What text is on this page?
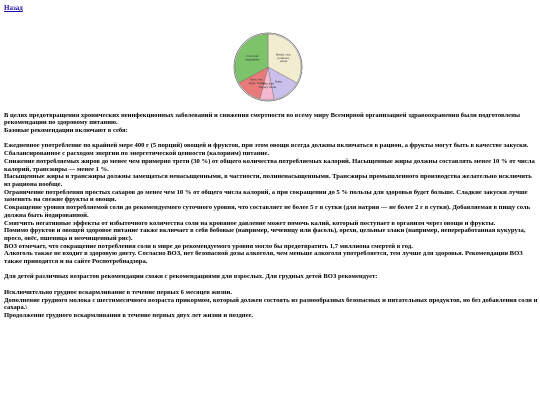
Назад
Fruit and vegetables
Bread, rice, potatoes, pasta
Dairy
Fatty and Sugary foods
Meat, fish, eggs, beans

В целях предотвращения хронических неинфекционных заболеваний и снижения смертности во всему миру Всемирной организацией здравоохранения были подготовлены рекомендации по здоровому питанию.

Базовые рекомендации включают в себя:

Ежедневное употребление по крайней мере 400 г (5 порций) овощей и фруктов, при этом овощи всегда должны включаться в рацион, а фрукты могут быть в качестве закуски. Сбалансированное с расходом энергии по энергетической ценности (калориям) питание.

Снижение потребляемых жиров до менее чем примерно трети (30 %) от общего количества потребляемых калорий. Насыщенные жиры должны составлять менее 10 % от числа калорий, трансжиры — менее 1 %.

Насыщенные жиры и трансжиры должны замещаться ненасыщенными, в частности, полиненасыщенными. Трансжиры промышленного производства желательно исключить из рациона вообще.

Ограничение потребления простых сахаров до менее чем 10 % от общего числа калорий, а при сокращении до 5 % пользы для здоровья будет больше. Сладкие закуски лучше заменить на свежие фрукты и овощи.

Сокращение уровня потребляемой соли до рекомендуемого суточного уровня, что составляет не более 5 г в сутки (для натрия — не более 2 г в сутки). Добавляемая в пищу соль должна быть йодированной.

Смягчить негативные эффекты от избыточного количества соли на кровяное давление может помочь калий, который поступает в организм через овощи и фрукты.

Помимо фруктов и овощей здоровое питание также включает в себя бобовые (например, чечевицу или фасоль), орехи, цельные злаки (например, непереработанная кукуруза, просо, овёс, пшеница и неочищенный рис).

ВОЗ отмечает, что сокращение потребления соли в мире до рекомендуемого уровня могло бы предотвратить 1,7 миллиона смертей в год.

Алкоголь также не входит в здоровую диету. Согласно ВОЗ, нет безопасной дозы алкоголя, чем меньше алкоголя употребляется, тем лучше для здоровья. Рекомендации ВОЗ также приводятся и на сайте Роспотребнадзора.

Для детей различных возрастов рекомендации схожи с рекомендациями для взрослых. Для грудных детей ВОЗ рекомендует:

Исключительно грудное вскармливание в течение первых 6 месяцев жизни.

Дополнение грудного молока с шестимесячного возраста прикормом, который должен состоять из разнообразных безопасных и питательных продуктов, но без добавления соли и сахара.\

Продолжение грудного вскармливания в течение первых двух лет жизни и позднее.
